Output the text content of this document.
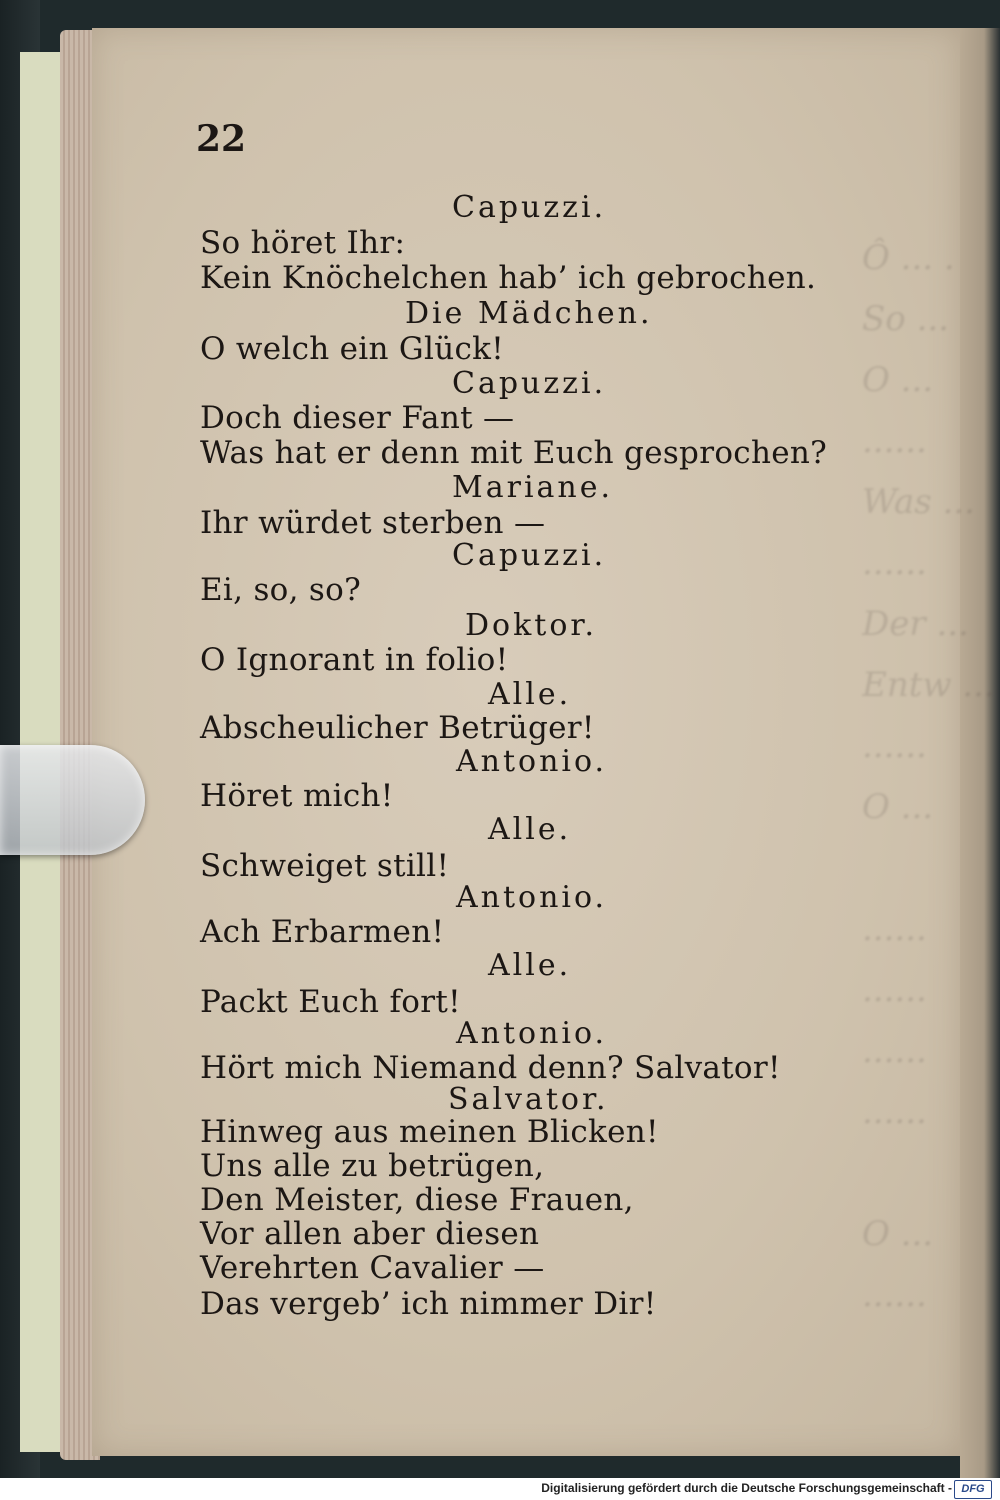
Ô ... .
So ...
O ...
......
Was ...
......
Der ...
Entw ...
......
O ...

......
......
......
......

O ...
......

22
Capuzzi.
So höret Ihr:
Kein Knöchelchen hab’ ich gebrochen.
Die Mädchen.
O welch ein Glück!
Capuzzi.
Doch dieser Fant —
Was hat er denn mit Euch gesprochen?
Mariane.
Ihr würdet sterben —
Capuzzi.
Ei, so, so?
Doktor.
O Ignorant in folio!
Alle.
Abscheulicher Betrüger!
Antonio.
Höret mich!
Alle.
Schweiget still!
Antonio.
Ach Erbarmen!
Alle.
Packt Euch fort!
Antonio.
Hört mich Niemand denn? Salvator!
Salvator.
Hinweg aus meinen Blicken!
Uns alle zu betrügen,
Den Meister, diese Frauen,
Vor allen aber diesen
Verehrten Cavalier —
Das vergeb’ ich nimmer Dir!
Digitalisierung gefördert durch die Deutsche Forschungsgemeinschaft - DFG
